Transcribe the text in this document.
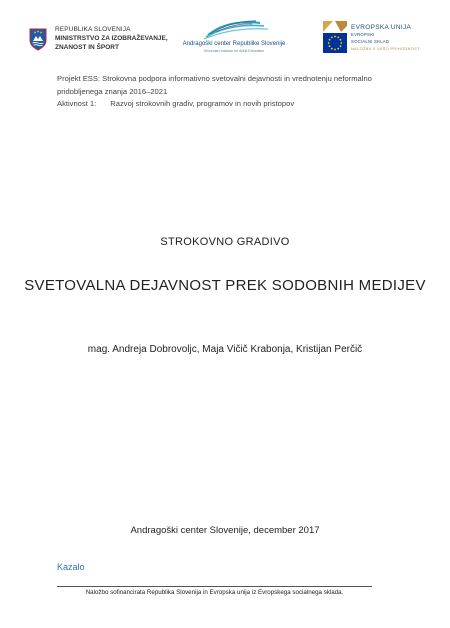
REPUBLIKA SLOVENIJA
MINISTRSTVO ZA IZOBRAŽEVANJE,
ZNANOST IN ŠPORT	Andragoški center Republike Slovenije
Slovenian Institute for Adult Education
EVROPSKA UNIJA
EVROPSKI
SOCIALNI SKLAD
NALOŽBA V VAŠO PRIHODNOST
Projekt ESS: Strokovna podpora informativno svetovalni dejavnosti in vrednotenju neformalno pridobljenega znanja 2016–2021
Aktivnost 1: Razvoj strokovnih gradiv, programov in novih pristopov
STROKOVNO GRADIVO
SVETOVALNA DEJAVNOST PREK SODOBNIH MEDIJEV
mag. Andreja Dobrovoljc, Maja Vičič Krabonja, Kristijan Perčič
Andragoški center Slovenije, december 2017
Kazalo
Naložbo sofinancirata Republika Slovenija in Evropska unija iz Evropskega socialnega sklada.
